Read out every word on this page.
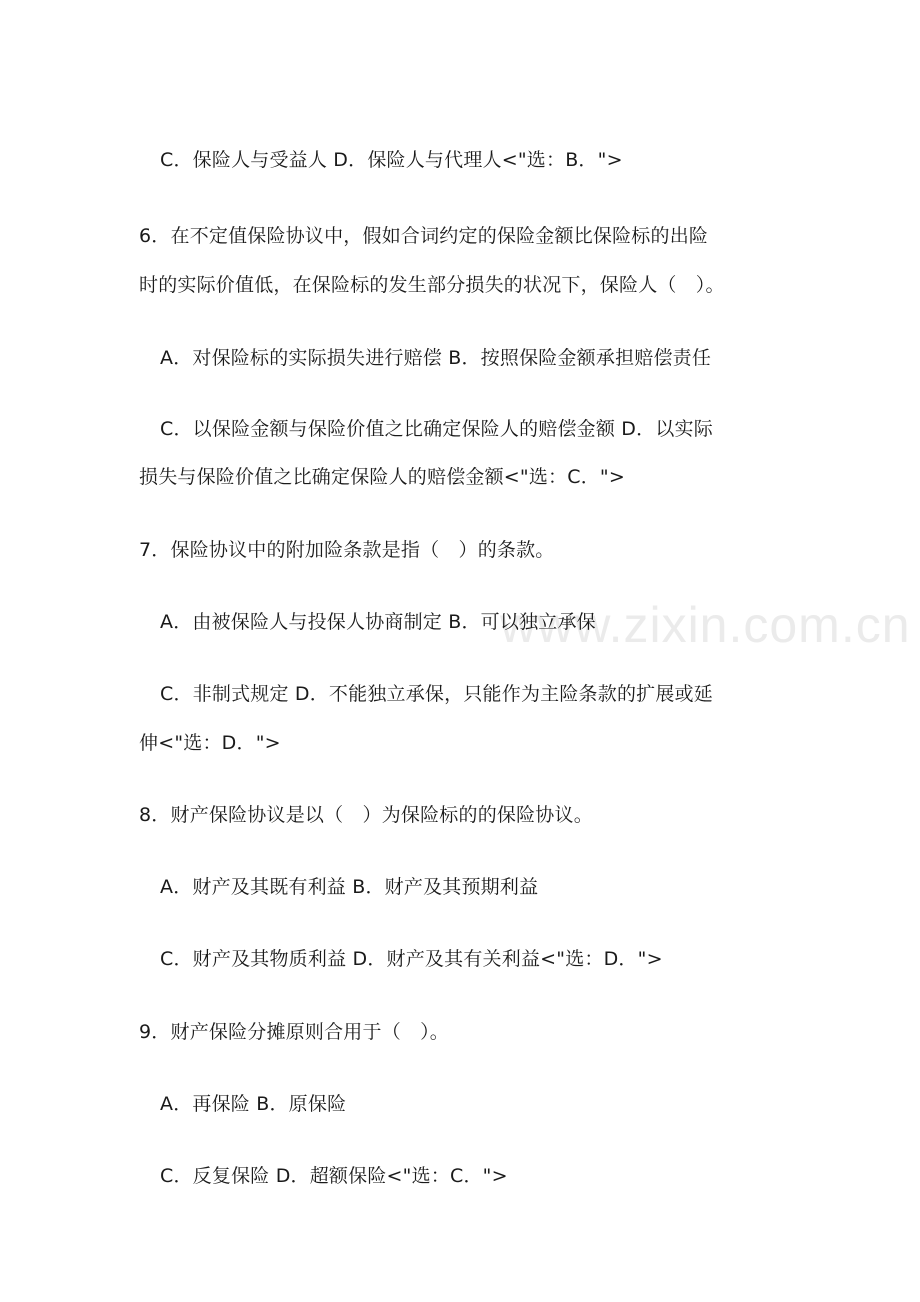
www.zixin.com.cn
C．保险人与受益人 D．保险人与代理人<"选：B．">
6．在不定值保险协议中，假如合词约定的保险金额比保险标的出险
时的实际价值低，在保险标的发生部分损失的状况下，保险人（　）。
A．对保险标的实际损失进行赔偿 B．按照保险金额承担赔偿责任
C．以保险金额与保险价值之比确定保险人的赔偿金额 D．以实际
损失与保险价值之比确定保险人的赔偿金额<"选：C．">
7．保险协议中的附加险条款是指（　）的条款。
A．由被保险人与投保人协商制定 B．可以独立承保
C．非制式规定 D．不能独立承保，只能作为主险条款的扩展或延
伸<"选：D．">
8．财产保险协议是以（　）为保险标的的保险协议。
A．财产及其既有利益 B．财产及其预期利益
C．财产及其物质利益 D．财产及其有关利益<"选：D．">
9．财产保险分摊原则合用于（　）。
A．再保险 B．原保险
C．反复保险 D．超额保险<"选：C．">
